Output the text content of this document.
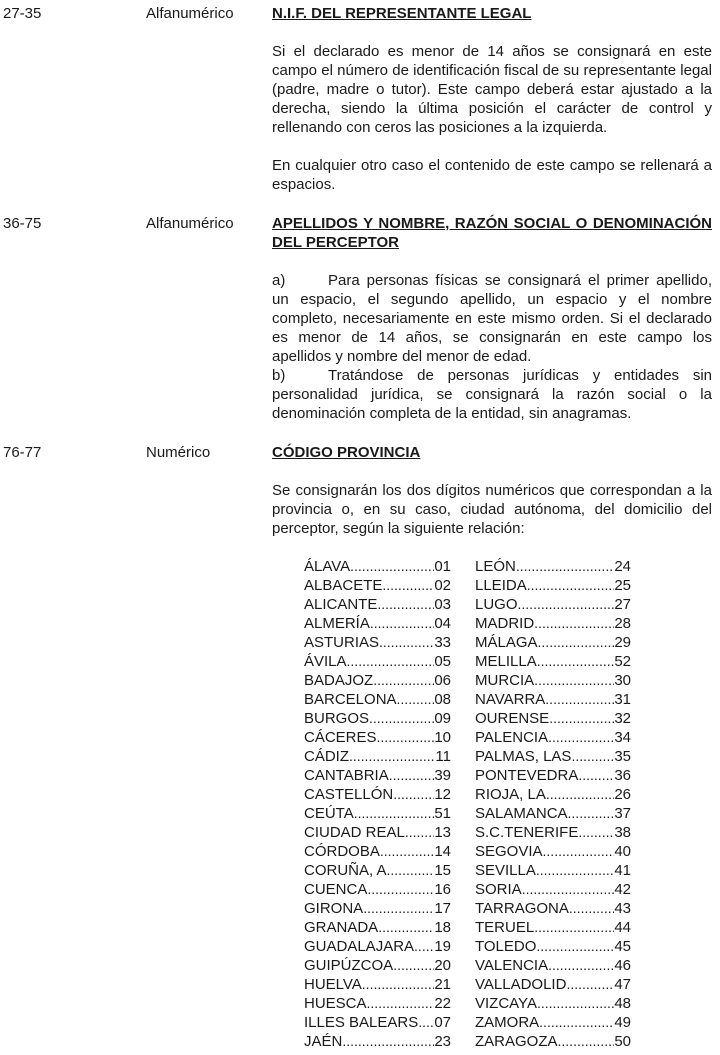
27-35	Alfanumérico	N.I.F. DEL REPRESENTANTE LEGAL

Si el declarado es menor de 14 años se consignará en este campo el número de identificación fiscal de su representante legal (padre, madre o tutor). Este campo deberá estar ajustado a la derecha, siendo la última posición el carácter de control y rellenando con ceros las posiciones a la izquierda.

En cualquier otro caso el contenido de este campo se rellenará a espacios.

36-75	Alfanumérico	APELLIDOS Y NOMBRE, RAZÓN SOCIAL O DENOMINACIÓN DEL PERCEPTOR
a)	Para personas físicas se consignará el primer apellido, un espacio, el segundo apellido, un espacio y el nombre completo, necesariamente en este mismo orden. Si el declarado es menor de 14 años, se consignarán en este campo los apellidos y nombre del menor de edad.
b)	Tratándose de personas jurídicas y entidades sin personalidad jurídica, se consignará la razón social o la denominación completa de la entidad, sin anagramas.
76-77	Numérico	CÓDIGO PROVINCIA

Se consignarán los dos dígitos numéricos que correspondan a la provincia o, en su caso, ciudad autónoma, del domicilio del perceptor, según la siguiente relación:

ÁLAVA .....	01
ALBACETE .....	02
ALICANTE .....	03
ALMERÍA .....	04
ASTURIAS .....	33
ÁVILA .....	05
BADAJOZ .....	06
BARCELONA .....	08
BURGOS .....	09
CÁCERES .....	10
CÁDIZ .....	11
CANTABRIA .....	39
CASTELLÓN .....	12
CEÚTA .....	51
CIUDAD REAL ..... 13
CÓRDOBA .....	14
CORUÑA, A .....	15
CUENCA .....	16
GIRONA .....	17
GRANADA .....	18
GUADALAJARA ..... 19
GUIPÚZCOA .....	20
HUELVA .....	21
HUESCA .....	22
ILLES BALEARS ..... 07
JAÉN .....	23
LEÓN .....	24
LLEIDA .....	25
LUGO .....	27
MADRID .....	28
MÁLAGA .....	29
MELILLA .....	52
MURCIA .....	30
NAVARRA .....	31
OURENSE .....	32
PALENCIA .....	34
PALMAS, LAS .....	35
PONTEVEDRA ..... 36
RIOJA, LA .....	26
SALAMANCA .....	37
S.C.TENERIFE ..... 38
SEGOVIA .....	40
SEVILLA .....	41
SORIA .....	42
TARRAGONA .....	43
TERUEL .....	44
TOLEDO .....	45
VALENCIA .....	46
VALLADOLID .....	47
VIZCAYA .....	48
ZAMORA .....	49
ZARAGOZA .....	50
